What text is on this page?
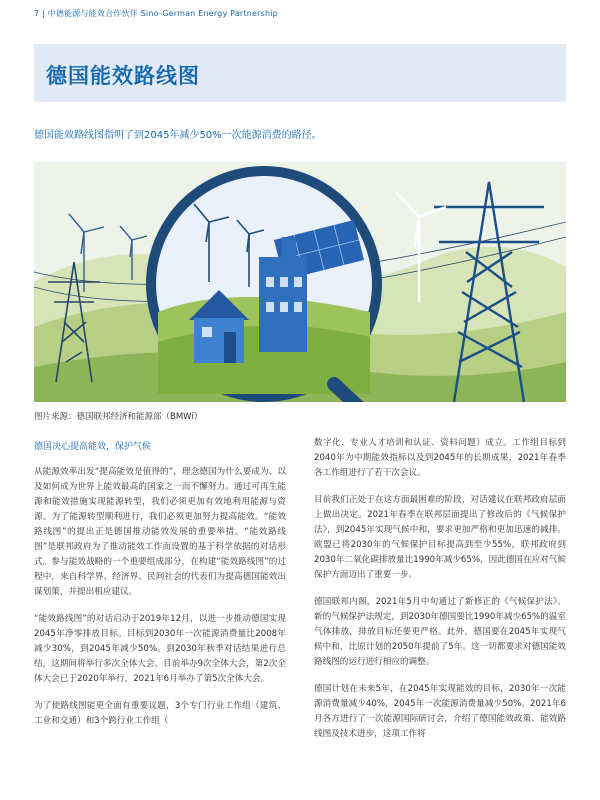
7 | 中德能源与能效合作伙伴 Sino-German Energy Partnership
德国能效路线图
德国能效路线图指明了到2045年减少50%一次能源消费的路径。
图片来源：德国联邦经济和能源部（BMWi）

德国决心提高能效，保护气候

从能源效率出发“提高能效是值得的”，理念德国为什么要成为、以及如何成为世界上能效最高的国家之一而不懈努力。通过可再生能源和能效措施实现能源转型，我们必须更加有效地利用能源与资源。为了能源转型顺利进行，我们必须更加努力提高能效。“能效路线图”的提出正是德国推动能效发展的重要举措。“能效路线图”是联邦政府为了推动能效工作而设置的基于科学依据的对话形式。参与能效战略的一个重要组成部分，在构建“能效路线图”的过程中，来自科学界、经济界、民间社会的代表们为提高德国能效出谋划策，并提出相应建议。

“能效路线图”的对话启动于2019年12月，以进一步推动德国实现2045年净零排放目标。目标到2030年一次能源消费量比2008年减少30%，到2045年减少50%。到2030年秋季对话结果进行总结，这期间将举行多次全体大会。目前举办9次全体大会，第2次全体大会已于2020年举行，2021年6月举办了第5次全体大会。

为了使路线图能更全面有重要议题，3个专门行业工作组（建筑、工业和交通）和3个跨行业工作组（

数字化、专业人才培训和认证、资料问题）成立。工作组目标到2040年为中期能效指标以及到2045年的长期成果，2021年春季各工作组进行了若干次会议。

目前我们正处于在这方面最困难的阶段，对话建议在联邦政府层面上做出决定。2021年春季在联邦层面提出了修改后的《气候保护法》，到2045年实现气候中和，要求更加严格和更加迅速的减排。欧盟已将2030年的气候保护目标提高到至少55%，联邦政府到2030年二氧化碳排放量比1990年减少65%，因此德国在应对气候保护方面迈出了重要一步。

德国联邦内阁，2021年5月中旬通过了新修正的《气候保护法》。新的气候保护法规定，到2030年德国要比1990年减少65%的温室气体排放，排放目标还要更严格。此外，德国要在2045年实现气候中和，比原计划的2050年提前了5年。这一切都要求对德国能效路线图的运行进行相应的调整。

德国计划在未来5年，在2045年实现能效的目标，2030年一次能源消费量减少40%，2045年一次能源消费量减少50%。2021年6月各方进行了一次能源国际研讨会，介绍了德国能效政策、能效路线图及技术进步，这项工作将
